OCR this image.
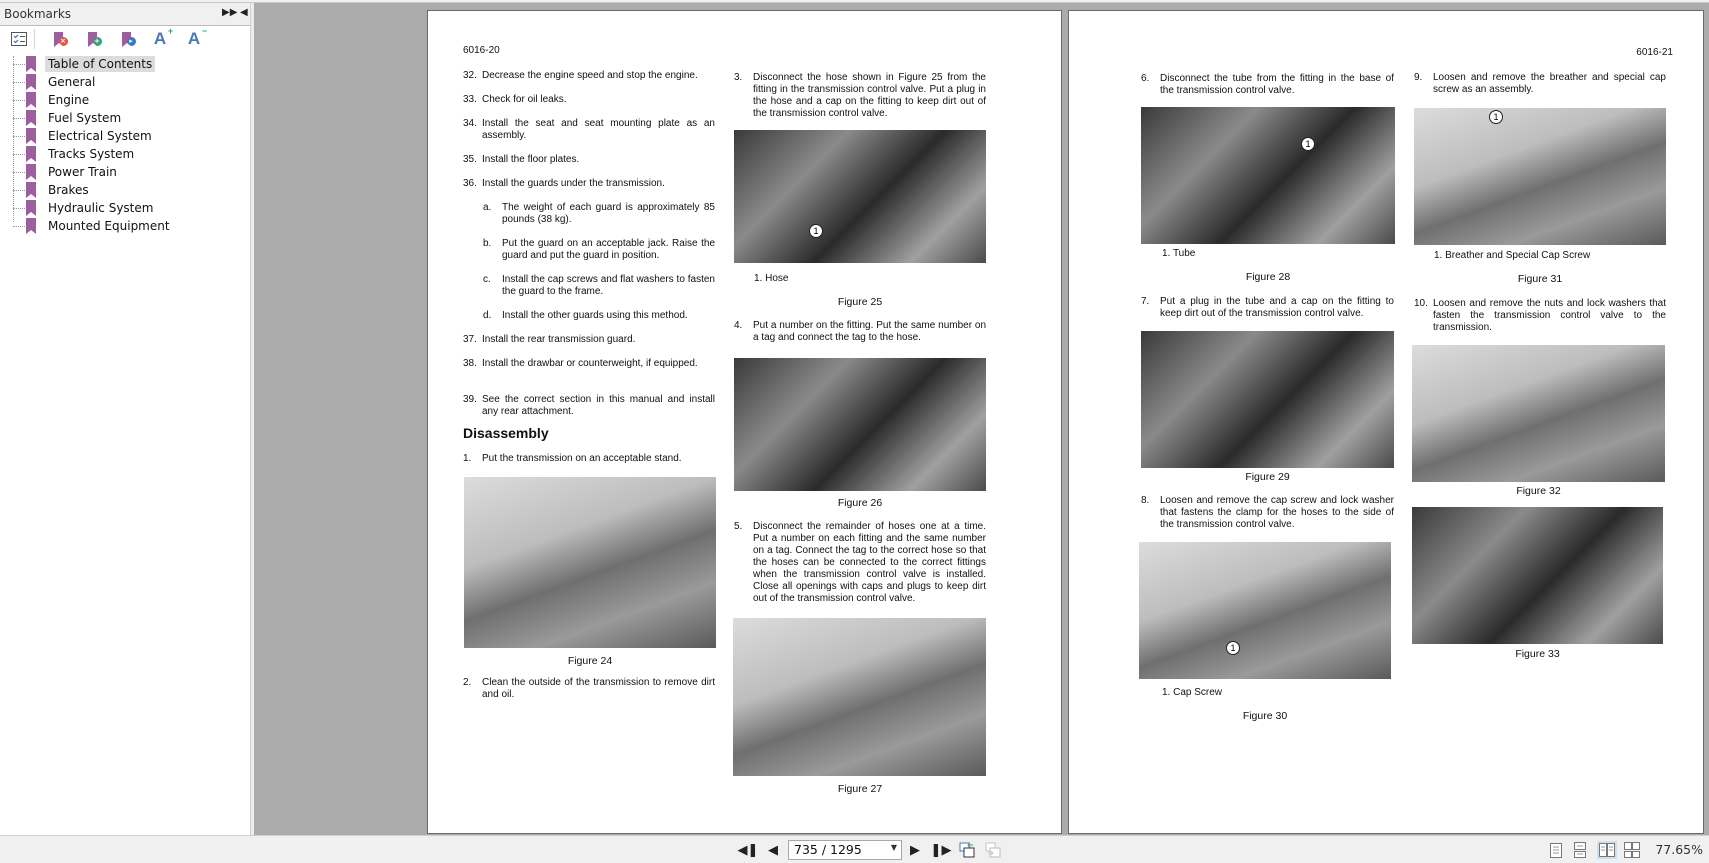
Bookmarks	▶▶ ◀
×	+	▸ A + A −
Table of Contents
General
Engine
Fuel System
Electrical System
Tracks System
Power Train
Brakes
Hydraulic System
Mounted Equipment
6016-20
32. Decrease the engine speed and stop the engine.
33. Check for oil leaks.
34. Install the seat and seat mounting plate as an assembly.
35. Install the floor plates.
36. Install the guards under the transmission.
a.	The weight of each guard is approximately 85 pounds (38 kg).
b.	Put the guard on an acceptable jack. Raise the guard and put the guard in position.
c.	Install the cap screws and flat washers to fasten the guard to the frame.
d.	Install the other guards using this method.
37. Install the rear transmission guard.
38. Install the drawbar or counterweight, if equipped.
39. See the correct section in this manual and install any rear attachment.
Disassembly
1.	Put the transmission on an acceptable stand.
Figure 24
2.	Clean the outside of the transmission to remove dirt and oil.
3.	Disconnect the hose shown in Figure 25 from the fitting in the transmission control valve. Put a plug in the hose and a cap on the fitting to keep dirt out of the transmission control valve.
1
1. Hose
Figure 25
4.	Put a number on the fitting. Put the same number on a tag and connect the tag to the hose.
Figure 26
5.	Disconnect the remainder of hoses one at a time. Put a number on each fitting and the same number on a tag. Connect the tag to the correct hose so that the hoses can be connected to the correct fittings when the transmission control valve is installed. Close all openings with caps and plugs to keep dirt out of the transmission control valve.
Figure 27
6016-21
6.	Disconnect the tube from the fitting in the base of the transmission control valve.
1
1. Tube
Figure 28
7.	Put a plug in the tube and a cap on the fitting to keep dirt out of the transmission control valve.
Figure 29
8.	Loosen and remove the cap screw and lock washer that fastens the clamp for the hoses to the side of the transmission control valve.
1
1. Cap Screw
Figure 30
9.	Loosen and remove the breather and special cap screw as an assembly.
1
1. Breather and Special Cap Screw
Figure 31
10. Loosen and remove the nuts and lock washers that fasten the transmission control valve to the transmission.
Figure 32
Figure 33
◀❚ ◀	735 / 1295	▼	▶ ❚▶	77.65%
